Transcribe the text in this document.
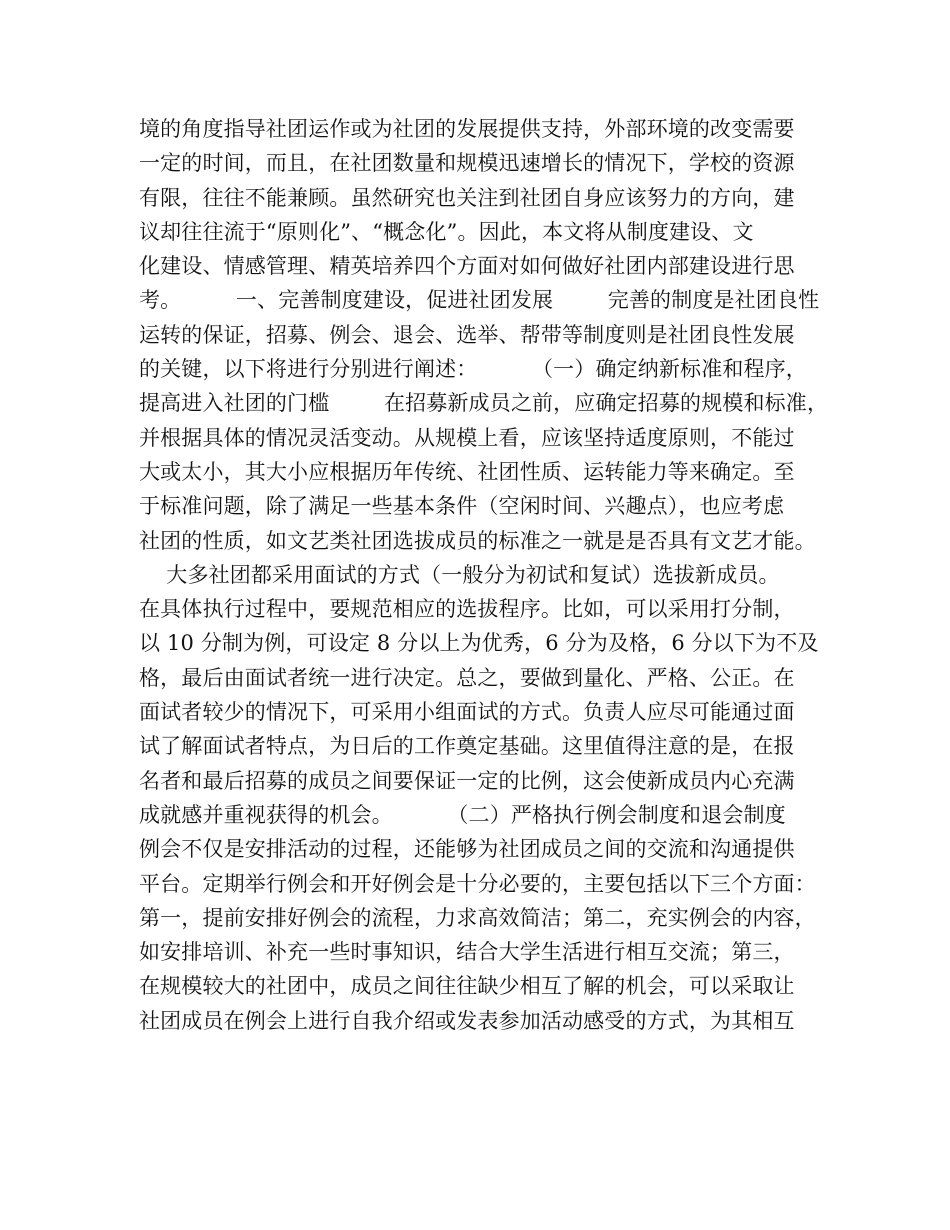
境的角度指导社团运作或为社团的发展提供支持，外部环境的改变需要
一定的时间，而且，在社团数量和规模迅速增长的情况下，学校的资源
有限，往往不能兼顾。虽然研究也关注到社团自身应该努力的方向，建
议却往往流于“原则化”、“概念化”。因此，本文将从制度建设、文
化建设、情感管理、精英培养四个方面对如何做好社团内部建设进行思
考。        一、完善制度建设，促进社团发展        完善的制度是社团良性
运转的保证，招募、例会、退会、选举、帮带等制度则是社团良性发展
的关键，以下将进行分别进行阐述：        （一）确定纳新标准和程序，
提高进入社团的门槛        在招募新成员之前，应确定招募的规模和标准，
并根据具体的情况灵活变动。从规模上看，应该坚持适度原则，不能过
大或太小，其大小应根据历年传统、社团性质、运转能力等来确定。至
于标准问题，除了满足一些基本条件（空闲时间、兴趣点），也应考虑
社团的性质，如文艺类社团选拔成员的标准之一就是是否具有文艺才能。
大多社团都采用面试的方式（一般分为初试和复试）选拔新成员。
在具体执行过程中，要规范相应的选拔程序。比如，可以采用打分制，
以 10 分制为例，可设定 8 分以上为优秀，6 分为及格，6 分以下为不及
格，最后由面试者统一进行决定。总之，要做到量化、严格、公正。在
面试者较少的情况下，可采用小组面试的方式。负责人应尽可能通过面
试了解面试者特点，为日后的工作奠定基础。这里值得注意的是，在报
名者和最后招募的成员之间要保证一定的比例，这会使新成员内心充满
成就感并重视获得的机会。        （二）严格执行例会制度和退会制度
例会不仅是安排活动的过程，还能够为社团成员之间的交流和沟通提供
平台。定期举行例会和开好例会是十分必要的，主要包括以下三个方面：
第一，提前安排好例会的流程，力求高效简洁；第二，充实例会的内容，
如安排培训、补充一些时事知识，结合大学生活进行相互交流；第三，
在规模较大的社团中，成员之间往往缺少相互了解的机会，可以采取让
社团成员在例会上进行自我介绍或发表参加活动感受的方式，为其相互
